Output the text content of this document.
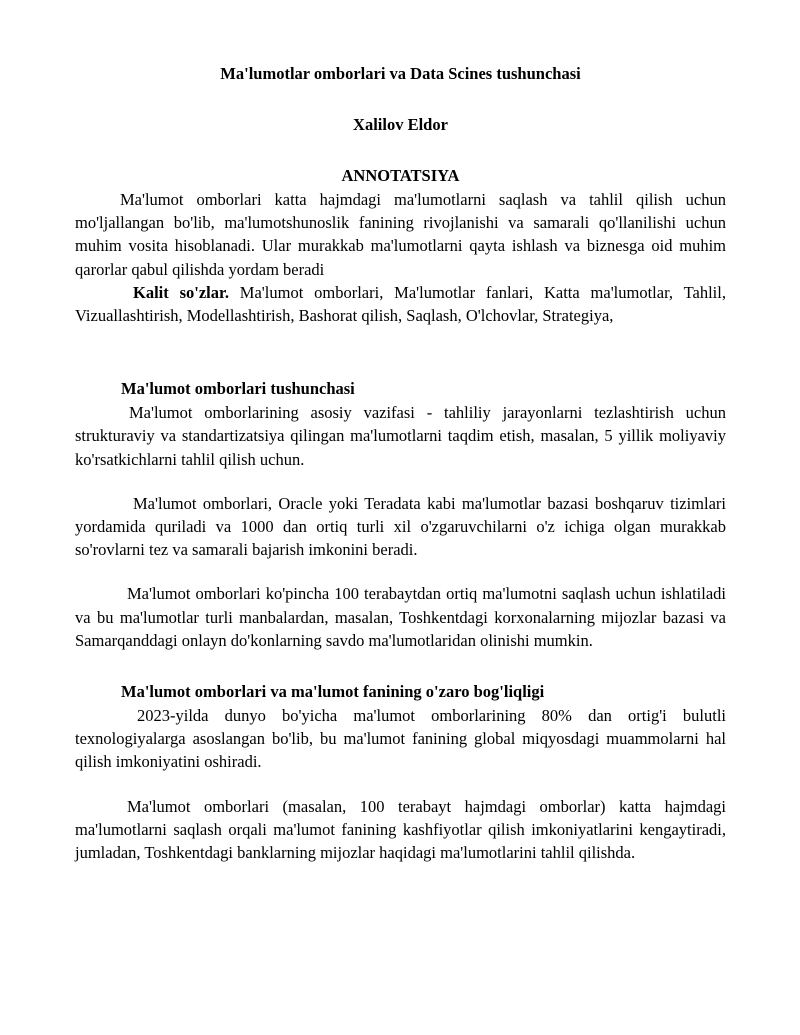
Ma'lumotlar omborlari va Data Scines tushunchasi
Xalilov Eldor
ANNOTATSIYA

Ma'lumot omborlari katta hajmdagi ma'lumotlarni saqlash va tahlil qilish uchun mo'ljallangan bo'lib, ma'lumotshunoslik fanining rivojlanishi va samarali qo'llanilishi uchun muhim vosita hisoblanadi. Ular murakkab ma'lumotlarni qayta ishlash va biznesga oid muhim qarorlar qabul qilishda yordam beradi

Kalit so'zlar. Ma'lumot omborlari, Ma'lumotlar fanlari, Katta ma'lumotlar, Tahlil, Vizuallashtirish, Modellashtirish, Bashorat qilish, Saqlash, O'lchovlar, Strategiya,

Ma'lumot omborlari tushunchasi

Ma'lumot omborlarining asosiy vazifasi - tahliliy jarayonlarni tezlashtirish uchun strukturaviy va standartizatsiya qilingan ma'lumotlarni taqdim etish, masalan, 5 yillik moliyaviy ko'rsatkichlarni tahlil qilish uchun.

Ma'lumot omborlari, Oracle yoki Teradata kabi ma'lumotlar bazasi boshqaruv tizimlari yordamida quriladi va 1000 dan ortiq turli xil o'zgaruvchilarni o'z ichiga olgan murakkab so'rovlarni tez va samarali bajarish imkonini beradi.

Ma'lumot omborlari ko'pincha 100 terabaytdan ortiq ma'lumotni saqlash uchun ishlatiladi va bu ma'lumotlar turli manbalardan, masalan, Toshkentdagi korxonalarning mijozlar bazasi va Samarqanddagi onlayn do'konlarning savdo ma'lumotlaridan olinishi mumkin.

Ma'lumot omborlari va ma'lumot fanining o'zaro bog'liqligi

2023-yilda dunyo bo'yicha ma'lumot omborlarining 80% dan ortig'i bulutli texnologiyalarga asoslangan bo'lib, bu ma'lumot fanining global miqyosdagi muammolarni hal qilish imkoniyatini oshiradi.

Ma'lumot omborlari (masalan, 100 terabayt hajmdagi omborlar) katta hajmdagi ma'lumotlarni saqlash orqali ma'lumot fanining kashfiyotlar qilish imkoniyatlarini kengaytiradi, jumladan, Toshkentdagi banklarning mijozlar haqidagi ma'lumotlarini tahlil qilishda.
